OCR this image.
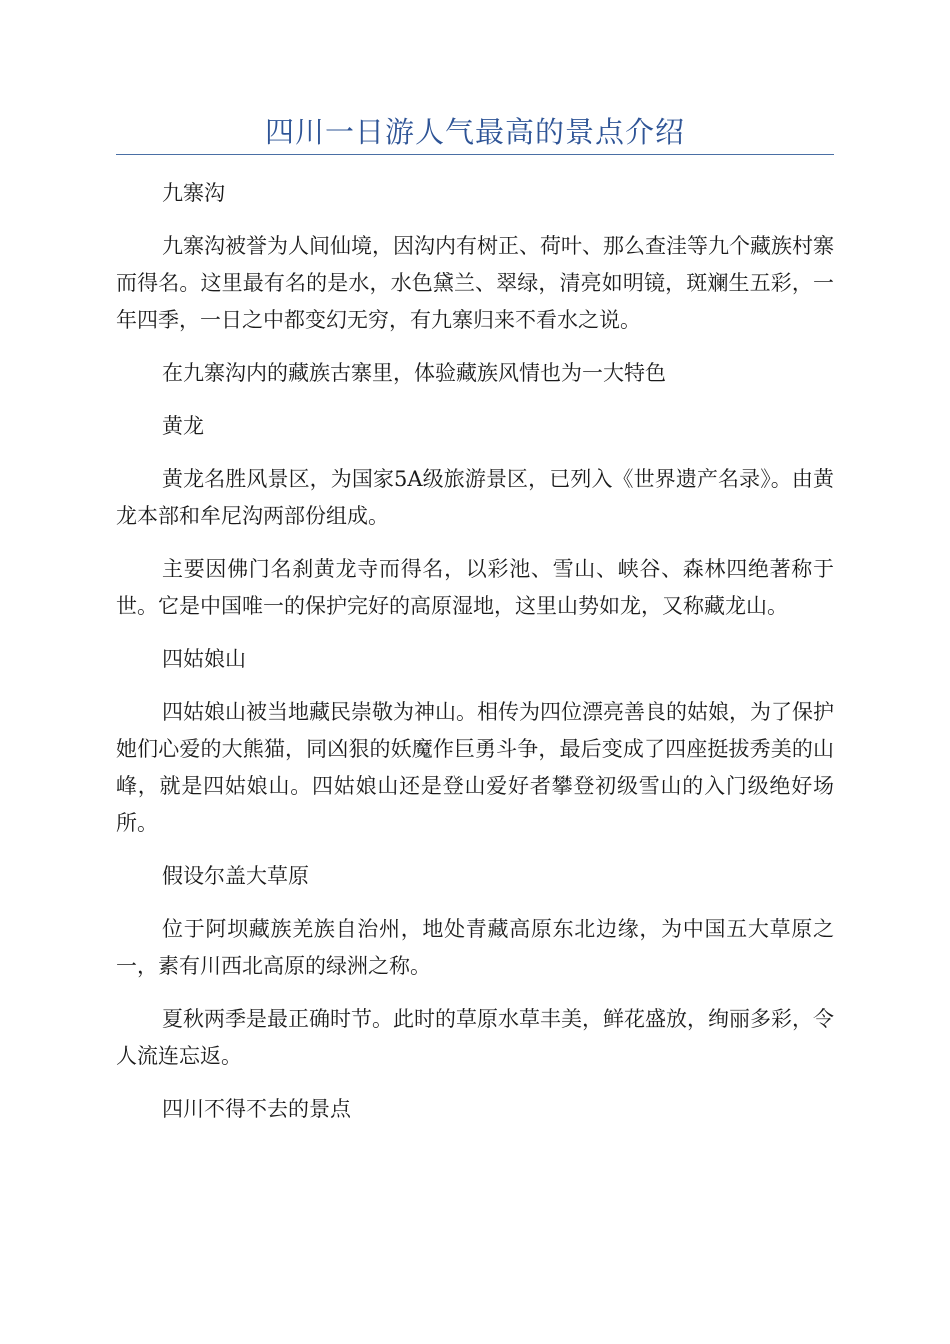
四川一日游人气最高的景点介绍

九寨沟

九寨沟被誉为人间仙境，因沟内有树正、荷叶、那么查洼等九个藏族村寨而得名。这里最有名的是水，水色黛兰、翠绿，清亮如明镜，斑斓生五彩，一年四季，一日之中都变幻无穷，有九寨归来不看水之说。

在九寨沟内的藏族古寨里，体验藏族风情也为一大特色

黄龙

黄龙名胜风景区，为国家5A级旅游景区，已列入《世界遗产名录》。由黄龙本部和牟尼沟两部份组成。

主要因佛门名刹黄龙寺而得名，以彩池、雪山、峡谷、森林四绝著称于世。它是中国唯一的保护完好的高原湿地，这里山势如龙，又称藏龙山。

四姑娘山

四姑娘山被当地藏民崇敬为神山。相传为四位漂亮善良的姑娘，为了保护她们心爱的大熊猫，同凶狠的妖魔作巨勇斗争，最后变成了四座挺拔秀美的山峰，就是四姑娘山。四姑娘山还是登山爱好者攀登初级雪山的入门级绝好场所。

假设尔盖大草原

位于阿坝藏族羌族自治州，地处青藏高原东北边缘，为中国五大草原之一，素有川西北高原的绿洲之称。

夏秋两季是最正确时节。此时的草原水草丰美，鲜花盛放，绚丽多彩，令人流连忘返。

四川不得不去的景点
